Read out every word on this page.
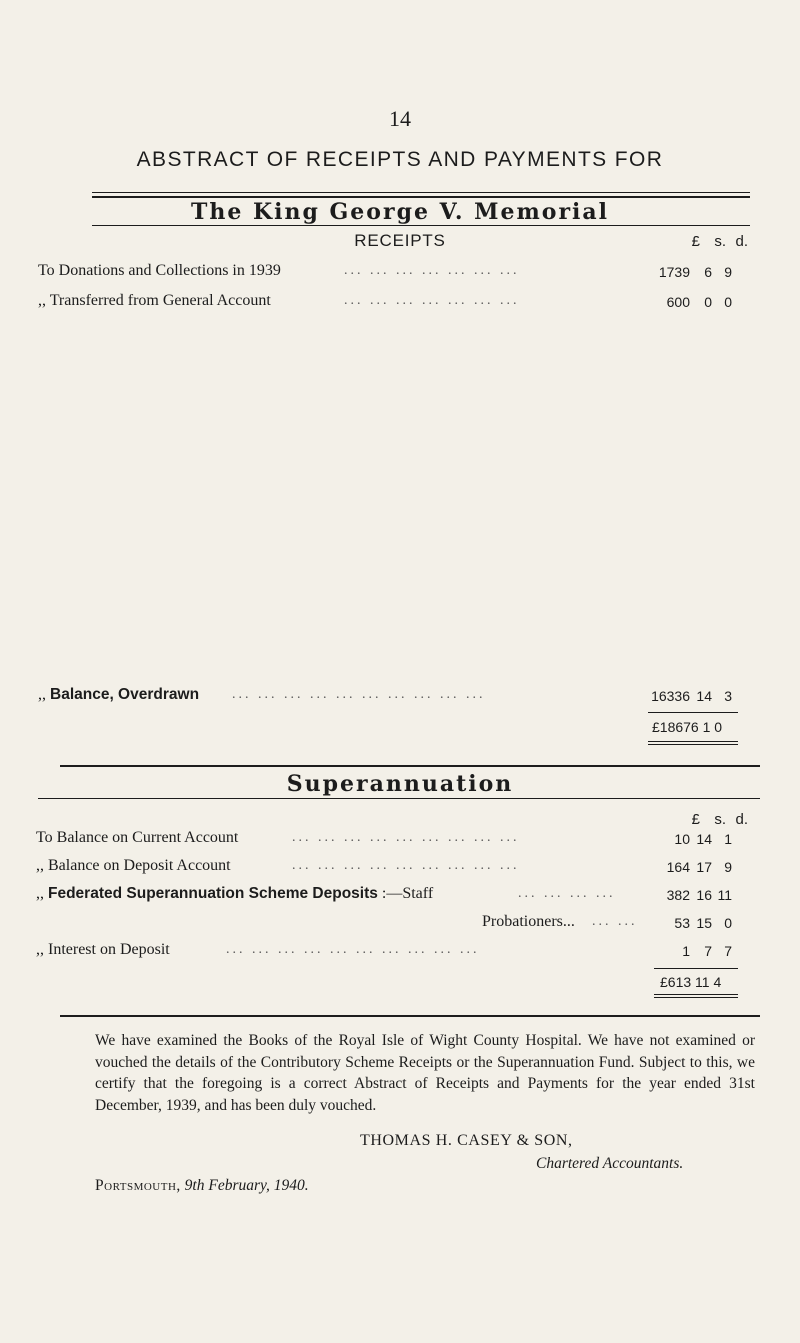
14
ABSTRACT OF RECEIPTS AND PAYMENTS FOR
The King George V. Memorial
RECEIPTS	£ s. d.
To Donations and Collections in 1939	... ... ... ... ... ... ...	1739 6 9
,, Transferred from General Account	... ... ... ... ... ... ...	600 0 0
,, Balance, Overdrawn ... ... ... ... ... ... ... ... ... ...	16336 14 3
£18676 1 0
Superannuation
£ s. d.
To Balance on Current Account	... ... ... ... ... ... ... ... ...	10 14 1
,, Balance on Deposit Account	... ... ... ... ... ... ... ... ...	164 17 9
,, Federated Superannuation Scheme Deposits :—Staff	... ... ... ...	382 16 11
Probationers... ... ...	53 15 0
,, Interest on Deposit	... ... ... ... ... ... ... ... ... ...	1 7 7
£613 11 4
We have examined the Books of the Royal Isle of Wight County Hospital. We have not examined or vouched the details of the Contributory Scheme Receipts or the Superannuation Fund. Subject to this, we certify that the foregoing is a correct Abstract of Receipts and Payments for the year ended 31st December, 1939, and has been duly vouched.
THOMAS H. CASEY & SON,
Chartered Accountants.
Portsmouth, 9th February, 1940.
